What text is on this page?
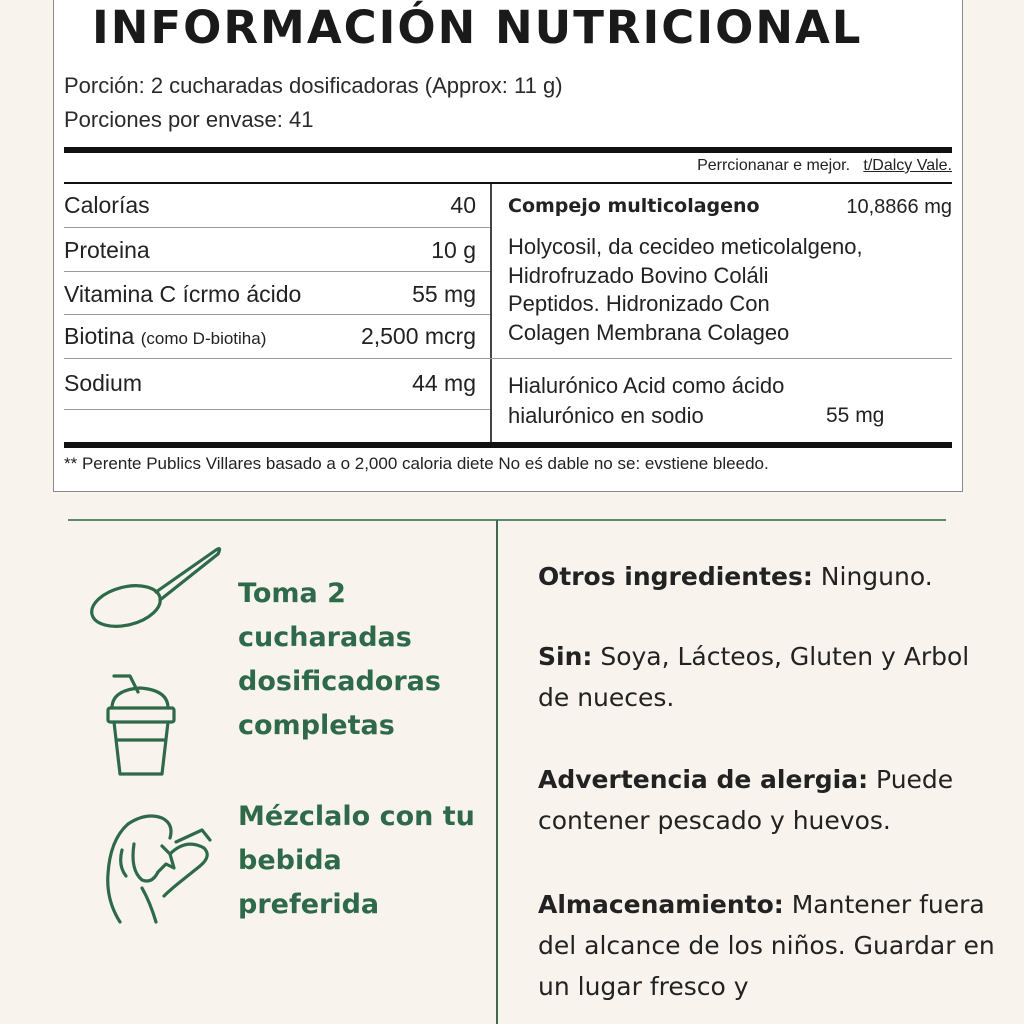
INFORMACIÓN NUTRICIONAL
Porción: 2 cucharadas dosificadoras (Approx: 11 g)
Porciones por envase: 41
Perrcionanar e mejor. t/Dalcy Vale.
Calorías	40
Proteina	10 g
Vitamina C ícrmo ácido	55 mg
Biotina (como D-biotiha)	2,500 mcrg
Sodium	44 mg
Compejo multicolageno	10,8866 mg
Holycosil, da cecideo meticolalgeno,
Hidrofruzado Bovino Coláli
Peptidos. Hidronizado Con
Colagen Membrana Colageo
Hialurónico Acid como ácido
hialurónico en sodio	55 mg
** Perente Publics Villares basado a o 2,000 caloria diete No eś dable no se: evstiene bleedo.

Toma 2 cucharadas dosificadoras completas

Mézclalo con tu bebida preferida

Otros ingredientes: Ninguno.

Sin: Soya, Lácteos, Gluten y Arbol de nueces.

Advertencia de alergia: Puede contener pescado y huevos.

Almacenamiento: Mantener fuera del alcance de los niños. Guardar en un lugar fresco y
